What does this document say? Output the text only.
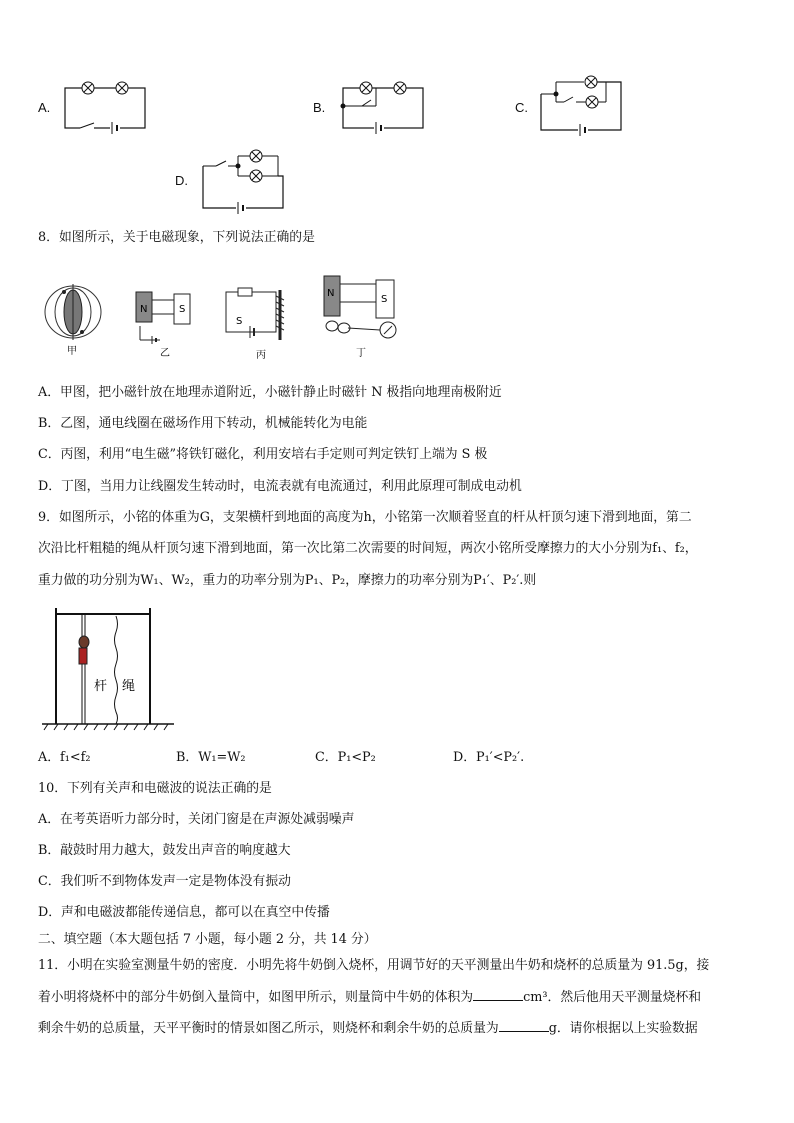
A.	B.	C.
D.
8．如图所示，关于电磁现象，下列说法正确的是
甲
N	S
乙
S
丙
N
S
丁
A．甲图，把小磁针放在地理赤道附近，小磁针静止时磁针 N 极指向地理南极附近
B．乙图，通电线圈在磁场作用下转动，机械能转化为电能
C．丙图，利用“电生磁”将铁钉磁化，利用安培右手定则可判定铁钉上端为 S 极
D．丁图，当用力让线圈发生转动时，电流表就有电流通过，利用此原理可制成电动机
9．如图所示，小铭的体重为G，支架横杆到地面的高度为h，小铭第一次顺着竖直的杆从杆顶匀速下滑到地面，第二
次沿比杆粗糙的绳从杆顶匀速下滑到地面，第一次比第二次需要的时间短，两次小铭所受摩擦力的大小分别为f₁、f₂，
重力做的功分别为W₁、W₂，重力的功率分别为P₁、P₂，摩擦力的功率分别为P₁′、P₂′.则
杆 绳
A．f₁<f₂	B．W₁=W₂	C．P₁<P₂	D．P₁′<P₂′.
10．下列有关声和电磁波的说法正确的是
A．在考英语听力部分时，关闭门窗是在声源处减弱噪声
B．敲鼓时用力越大，鼓发出声音的响度越大
C．我们听不到物体发声一定是物体没有振动
D．声和电磁波都能传递信息，都可以在真空中传播
二、填空题（本大题包括 7 小题，每小题 2 分，共 14 分）
11．小明在实验室测量牛奶的密度．小明先将牛奶倒入烧杯，用调节好的天平测量出牛奶和烧杯的总质量为 91.5g，接
着小明将烧杯中的部分牛奶倒入量筒中，如图甲所示，则量筒中牛奶的体积为	cm³．然后他用天平测量烧杯和
剩余牛奶的总质量，天平平衡时的情景如图乙所示，则烧杯和剩余牛奶的总质量为	g．请你根据以上实验数据
